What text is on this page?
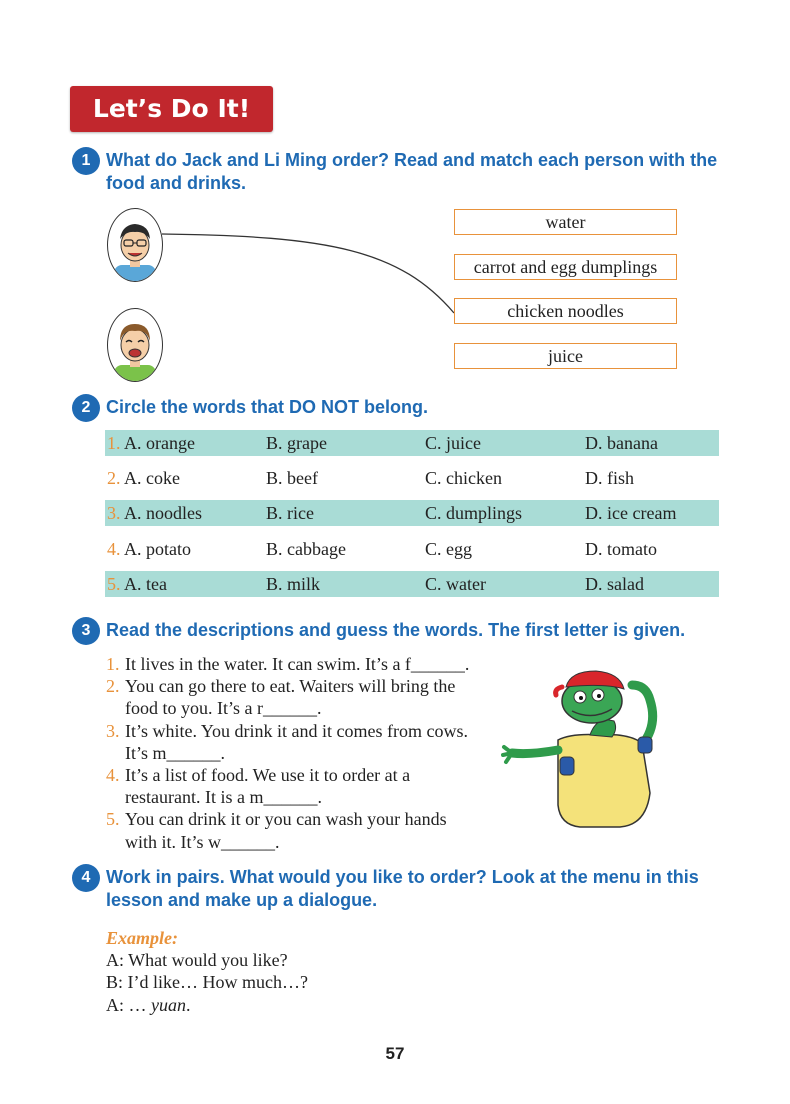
Let’s Do It!
1 What do Jack and Li Ming order? Read and match each person with the food and drinks.
water
carrot and egg dumplings
chicken noodles
juice
2 Circle the words that DO NOT belong.
1. A. orange	B. grape	C. juice	D. banana
2. A. coke	B. beef	C. chicken	D. fish
3. A. noodles	B. rice	C. dumplings	D. ice cream
4. A. potato	B. cabbage	C. egg	D. tomato
5. A. tea	B. milk	C. water	D. salad
3 Read the descriptions and guess the words. The first letter is given.
1. It lives in the water. It can swim. It’s a f______.
2. You can go there to eat. Waiters will bring the
food to you. It’s a r______.
3. It’s white. You drink it and it comes from cows.
It’s m______.
4. It’s a list of food. We use it to order at a
restaurant. It is a m______.
5. You can drink it or you can wash your hands
with it. It’s w______.
4 Work in pairs. What would you like to order? Look at the menu in this lesson and make up a dialogue.
Example:
A: What would you like?
B: I’d like… How much…?
A: … yuan.
57
